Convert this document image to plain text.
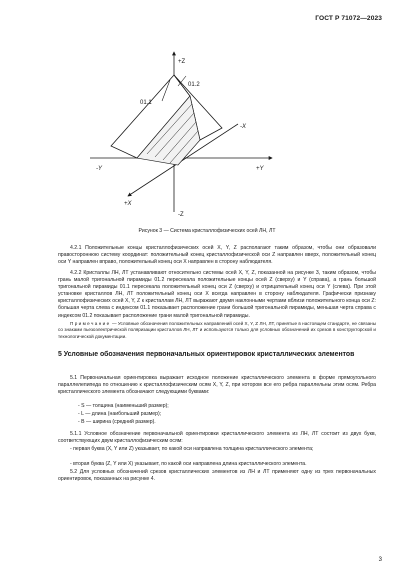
ГОСТ Р 71072—2023
+Z
-Z
01.1
01.2
-X
+X
-Y	+Y
Рисунок 3 — Система кристаллофизических осей ЛН, ЛТ

4.2.1 Положительные концы кристаллофизических осей X, Y, Z располагают таким образом, чтобы они образовали правостороннюю систему координат: положительный конец кристаллофизической оси Z направлен вверх, положительный конец оси Y направлен вправо, положительный конец оси X направлен в сторону наблюдателя.

4.2.2 Кристаллы ЛН, ЛТ устанавливают относительно системы осей X, Y, Z, показанной на рисунке 3, таким образом, чтобы грань малой тригональной пирамиды 01.2 пересекала положительные концы осей Z (сверху) и Y (справа), а грань большой тригональной пирамиды 01.1 пересекала положительный конец оси Z (сверху) и отрицательный конец оси Y (слева). При этой установке кристаллов ЛН, ЛТ положительный конец оси X всегда направлен в сторону наблюдателя. Графически признаку кристаллофизических осей X, Y, Z к кристаллам ЛН, ЛТ выражают двумя наклонными чертами вблизи положительного конца оси Z: большая черта слева с индексом 01.1 показывает расположение грани большой тригональной пирамиды, меньшая черта справа с индексом 01.2 показывает расположение грани малой тригональной пирамиды.

Примечание — Условные обозначения положительных направлений осей X, Y, Z ЛН, ЛТ, принятые в настоящем стандарте, не связаны со знаками пьезоэлектрической поляризации кристаллов ЛН, ЛТ и используются только для условных обозначений их срезов в конструкторской и технологической документации.

5 Условные обозначения первоначальных ориентировок кристаллических элементов

5.1 Первоначальная ориентировка выражает исходное положение кристаллического элемента в форме прямоугольного параллелепипеда по отношению к кристаллофизическим осям X, Y, Z, при котором все его ребра параллельны этим осям. Ребра кристаллического элемента обозначают следующими буквами:

- S — толщина (наименьший размер);
- L — длина (наибольший размер);
- B — ширина (средний размер).

5.1.1 Условное обозначение первоначальной ориентировки кристаллического элемента из ЛН, ЛТ состоит из двух букв, соответствующих двум кристаллофизическим осям:

- первая буква (X, Y или Z) указывает, по какой оси направлена толщина кристаллического элемента;

- вторая буква (Z, Y или X) указывает, по какой оси направлена длина кристаллического элемента.

5.2 Для условных обозначений срезов кристаллических элементов из ЛН и ЛТ применяют одну из трех первоначальных ориентировок, показанных на рисунке 4.

3
